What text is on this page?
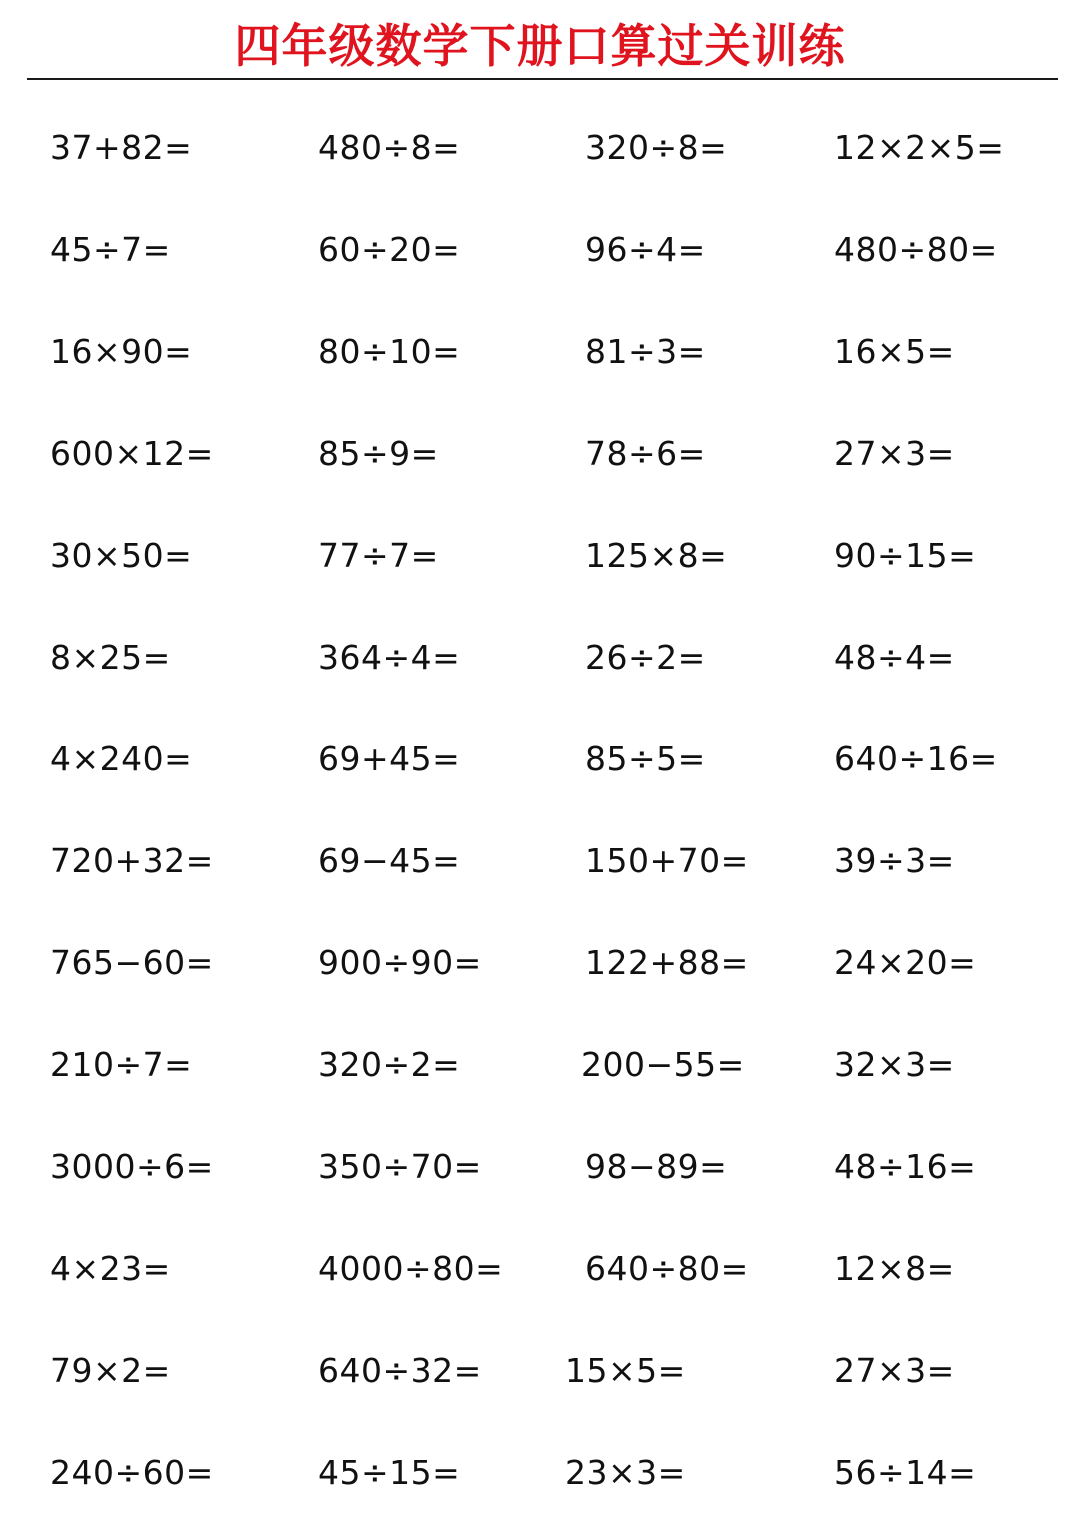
四年级数学下册口算过关训练
37+82=	480÷8=	320÷8=	12×2×5=
45÷7=	60÷20=	96÷4=	480÷80=
16×90=	80÷10=	81÷3=	16×5=
600×12=	85÷9=	78÷6=	27×3=
30×50=	77÷7=	125×8=	90÷15=
8×25=	364÷4=	26÷2=	48÷4=
4×240=	69+45=	85÷5=	640÷16=
720+32=	69−45=	150+70=	39÷3=
765−60=	900÷90=	122+88=	24×20=
210÷7=	320÷2=	200−55=	32×3=
3000÷6=	350÷70=	98−89=	48÷16=
4×23=	4000÷80= 640÷80=	12×8=
79×2=	640÷32=	15×5=	27×3=
240÷60=	45÷15=	23×3=	56÷14=
